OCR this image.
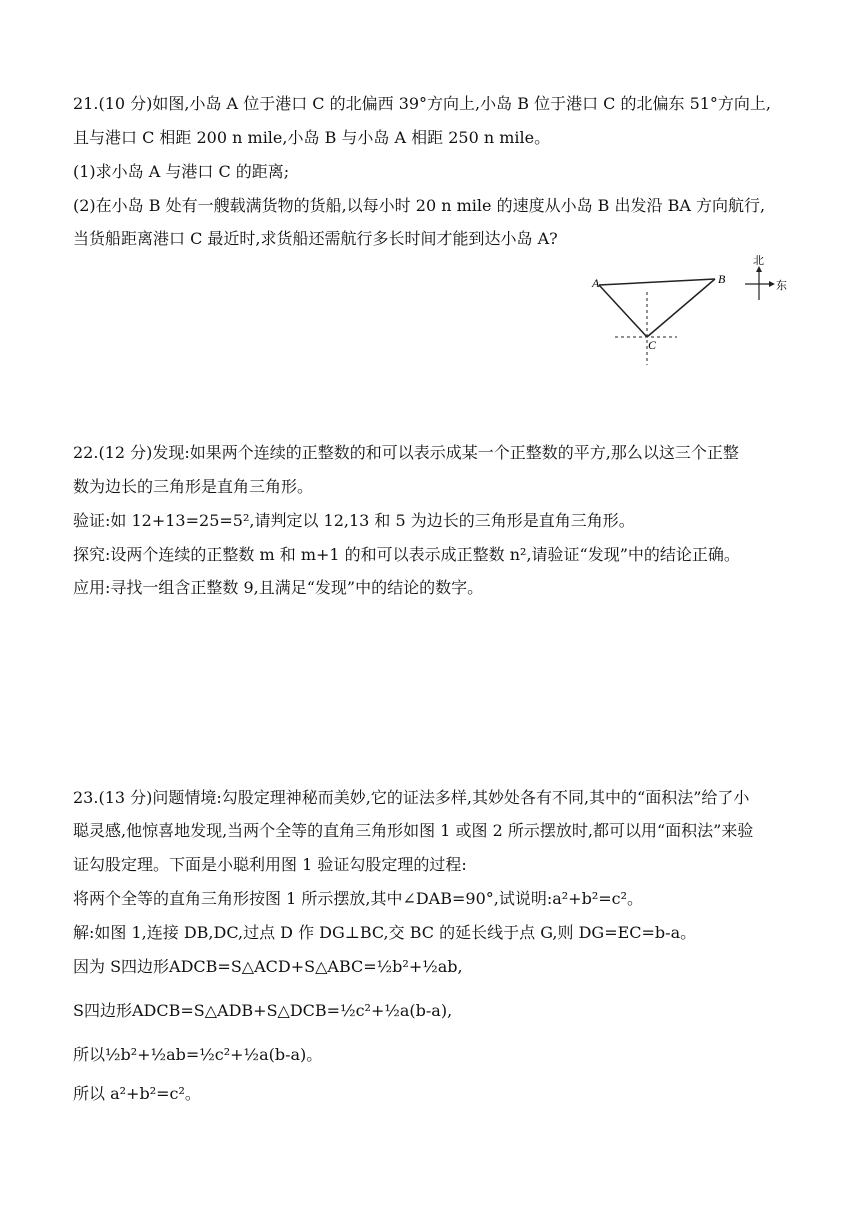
21.(10 分)如图,小岛 A 位于港口 C 的北偏西 39°方向上,小岛 B 位于港口 C 的北偏东 51°方向上,
且与港口 C 相距 200 n mile,小岛 B 与小岛 A 相距 250 n mile。
(1)求小岛 A 与港口 C 的距离;
(2)在小岛 B 处有一艘载满货物的货船,以每小时 20 n mile 的速度从小岛 B 出发沿 BA 方向航行,
当货船距离港口 C 最近时,求货船还需航行多长时间才能到达小岛 A?
A	B
C
北
东
22.(12 分)发现:如果两个连续的正整数的和可以表示成某一个正整数的平方,那么以这三个正整
数为边长的三角形是直角三角形。
验证:如 12+13=25=5²,请判定以 12,13 和 5 为边长的三角形是直角三角形。
探究:设两个连续的正整数 m 和 m+1 的和可以表示成正整数 n²,请验证“发现”中的结论正确。
应用:寻找一组含正整数 9,且满足“发现”中的结论的数字。
23.(13 分)问题情境:勾股定理神秘而美妙,它的证法多样,其妙处各有不同,其中的“面积法”给了小
聪灵感,他惊喜地发现,当两个全等的直角三角形如图 1 或图 2 所示摆放时,都可以用“面积法”来验
证勾股定理。下面是小聪利用图 1 验证勾股定理的过程:
将两个全等的直角三角形按图 1 所示摆放,其中∠DAB=90°,试说明:a²+b²=c²。
解:如图 1,连接 DB,DC,过点 D 作 DG⊥BC,交 BC 的延长线于点 G,则 DG=EC=b-a。
因为 S四边形ADCB=S△ACD+S△ABC=½b²+½ab,
S四边形ADCB=S△ADB+S△DCB=½c²+½a(b-a),
所以½b²+½ab=½c²+½a(b-a)。
所以 a²+b²=c²。
